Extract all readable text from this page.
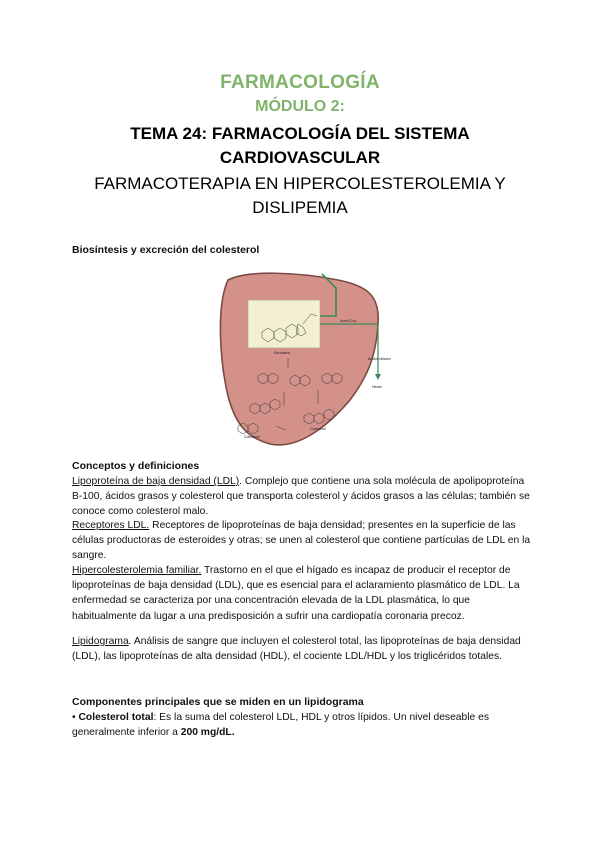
FARMACOLOGÍA
MÓDULO 2:
TEMA 24: FARMACOLOGÍA DEL SISTEMA CARDIOVASCULAR
FARMACOTERAPIA EN HIPERCOLESTEROLEMIA Y DISLIPEMIA
Biosíntesis y excreción del colesterol
Acetil-CoA
Ácidos biliares
Heces
Escualeno
Colesterol
Colesterol
Conceptos y definiciones
Lipoproteína de baja densidad (LDL). Complejo que contiene una sola molécula de apolipoproteína B-100, ácidos grasos y colesterol que transporta colesterol y ácidos grasos a las células; también se conoce como colesterol malo.
Receptores LDL. Receptores de lipoproteínas de baja densidad; presentes en la superficie de las células productoras de esteroides y otras; se unen al colesterol que contiene partículas de LDL en la sangre.
Hipercolesterolemia familiar. Trastorno en el que el hígado es incapaz de producir el receptor de lipoproteínas de baja densidad (LDL), que es esencial para el aclaramiento plasmático de LDL. La enfermedad se caracteriza por una concentración elevada de la LDL plasmática, lo que habitualmente da lugar a una predisposición a sufrir una cardiopatía coronaria precoz.
Lipidograma. Análisis de sangre que incluyen el colesterol total, las lipoproteínas de baja densidad (LDL), las lipoproteínas de alta densidad (HDL), el cociente LDL/HDL y los triglicéridos totales.
Componentes principales que se miden en un lipidograma
• Colesterol total: Es la suma del colesterol LDL, HDL y otros lípidos. Un nivel deseable es generalmente inferior a 200 mg/dL.
